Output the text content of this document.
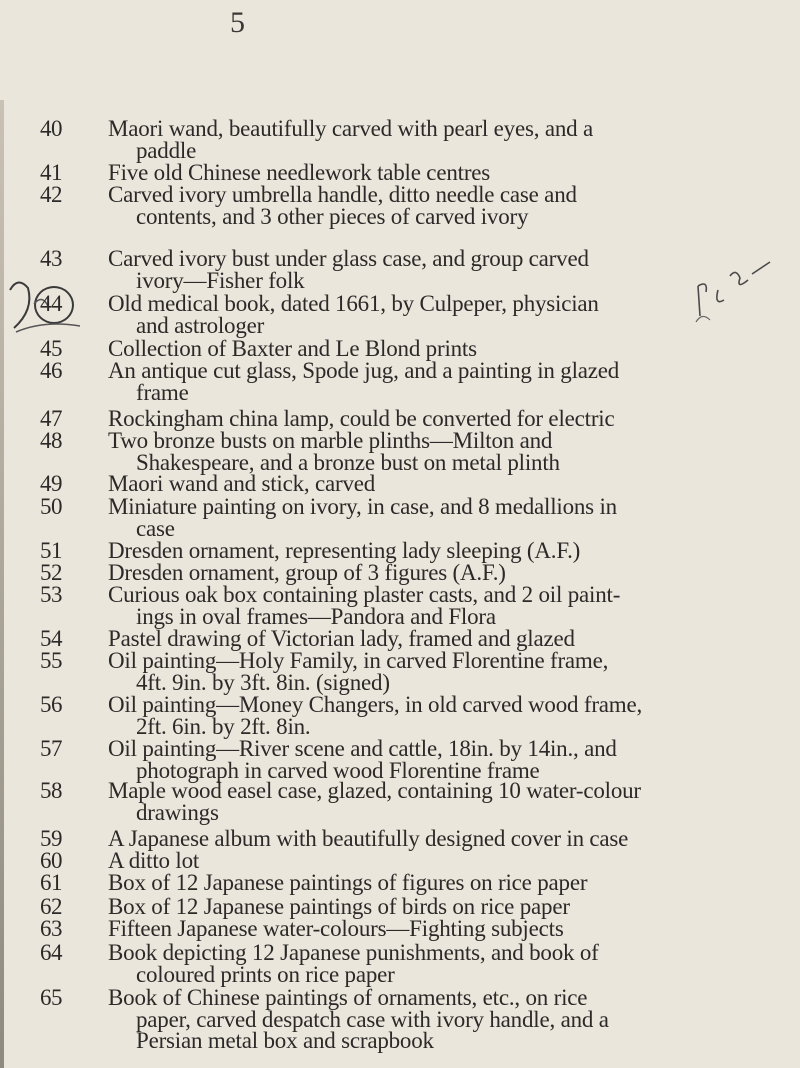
5
40	Maori wand, beautifully carved with pearl eyes, and a

paddle
41	Five old Chinese needlework table centres
42	Carved ivory umbrella handle, ditto needle case and

contents, and 3 other pieces of carved ivory
43	Carved ivory bust under glass case, and group carved

ivory—Fisher folk
44	Old medical book, dated 1661, by Culpeper, physician

and astrologer
45	Collection of Baxter and Le Blond prints
46	An antique cut glass, Spode jug, and a painting in glazed

frame
47	Rockingham china lamp, could be converted for electric
48	Two bronze busts on marble plinths—Milton and

Shakespeare, and a bronze bust on metal plinth
49	Maori wand and stick, carved
50	Miniature painting on ivory, in case, and 8 medallions in

case
51	Dresden ornament, representing lady sleeping (A.F.)
52	Dresden ornament, group of 3 figures (A.F.)
53	Curious oak box containing plaster casts, and 2 oil paint-

ings in oval frames—Pandora and Flora
54	Pastel drawing of Victorian lady, framed and glazed
55	Oil painting—Holy Family, in carved Florentine frame,

4ft. 9in. by 3ft. 8in. (signed)
56	Oil painting—Money Changers, in old carved wood frame,

2ft. 6in. by 2ft. 8in.
57	Oil painting—River scene and cattle, 18in. by 14in., and

photograph in carved wood Florentine frame
58	Maple wood easel case, glazed, containing 10 water-colour

drawings
59	A Japanese album with beautifully designed cover in case
60	A ditto lot
61	Box of 12 Japanese paintings of figures on rice paper
62	Box of 12 Japanese paintings of birds on rice paper
63	Fifteen Japanese water-colours—Fighting subjects
64	Book depicting 12 Japanese punishments, and book of

coloured prints on rice paper
65	Book of Chinese paintings of ornaments, etc., on rice

paper, carved despatch case with ivory handle, and a
Persian metal box and scrapbook
